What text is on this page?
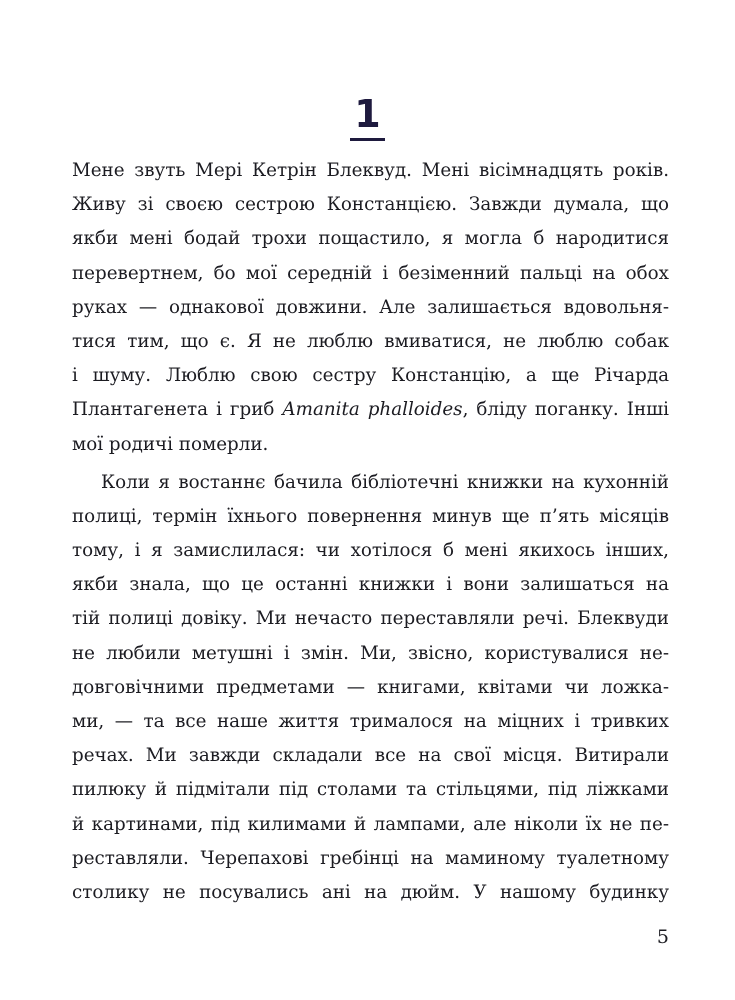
1
Мене звуть Мері Кетрін Блеквуд. Мені вісімнадцять років.
Живу зі своєю сестрою Констанцією. Завжди думала, що
якби мені бодай трохи пощастило, я могла б народитися
перевертнем, бо мої середній і безіменний пальці на обох
руках — однакової довжини. Але залишається вдовольня-
тися тим, що є. Я не люблю вмиватися, не люблю собак
і шуму. Люблю свою сестру Констанцію, а ще Річарда
Плантагенета і гриб Amanita phalloides, бліду поганку. Інші
мої родичі померли.
Коли я востаннє бачила бібліотечні книжки на кухонній
полиці, термін їхнього повернення минув ще п’ять місяців
тому, і я замислилася: чи хотілося б мені якихось інших,
якби знала, що це останні книжки і вони залишаться на
тій полиці довіку. Ми нечасто переставляли речі. Блеквуди
не любили метушні і змін. Ми, звісно, користувалися не-
довговічними предметами — книгами, квітами чи ложка-
ми, — та все наше життя трималося на міцних і тривких
речах. Ми завжди складали все на свої місця. Витирали
пилюку й підмітали під столами та стільцями, під ліжками
й картинами, під килимами й лампами, але ніколи їх не пе-
реставляли. Черепахові гребінці на маминому туалетному
столику не посувались ані на дюйм. У нашому будинку
5
